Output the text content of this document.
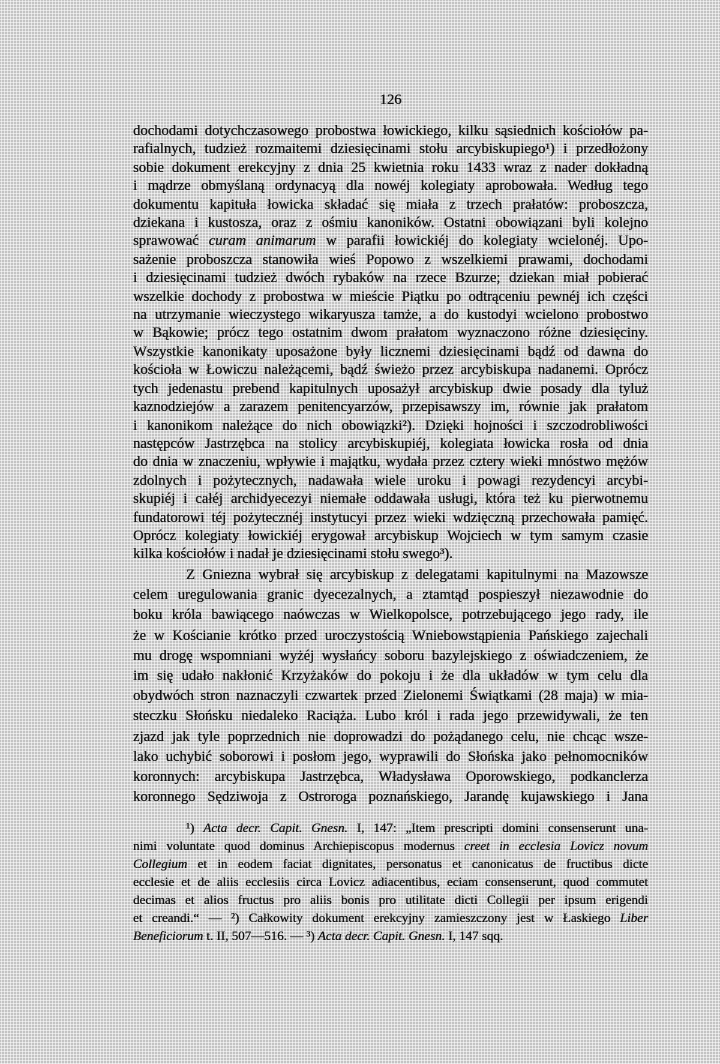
126
dochodami dotychczasowego probostwa łowickiego, kilku sąsiednich kościołów pa-
rafialnych, tudzież rozmaitemi dziesięcinami stołu arcybiskupiego¹) i przedłożony
sobie dokument erekcyjny z dnia 25 kwietnia roku 1433 wraz z nader dokładną
i mądrze obmyślaną ordynacyą dla nowéj kolegiaty aprobowała. Według tego
dokumentu kapituła łowicka składać się miała z trzech prałatów: proboszcza,
dziekana i kustosza, oraz z ośmiu kanoników. Ostatni obowiązani byli kolejno
sprawować curam animarum w parafii łowickiéj do kolegiaty wcielonéj. Upo-
sażenie proboszcza stanowiła wieś Popowo z wszelkiemi prawami, dochodami
i dziesięcinami tudzież dwóch rybaków na rzece Bzurze; dziekan miał pobierać
wszelkie dochody z probostwa w mieście Piątku po odtrąceniu pewnéj ich części
na utrzymanie wieczystego wikaryusza tamże, a do kustodyi wcielono probostwo
w Bąkowie; prócz tego ostatnim dwom prałatom wyznaczono różne dziesięciny.
Wszystkie kanonikaty uposażone były licznemi dziesięcinami bądź od dawna do
kościoła w Łowiczu należącemi, bądź świeżo przez arcybiskupa nadanemi. Oprócz
tych jedenastu prebend kapitulnych uposażył arcybiskup dwie posady dla tyluż
kaznodziejów a zarazem penitencyarzów, przepisawszy im, równie jak prałatom
i kanonikom należące do nich obowiązki²). Dzięki hojności i szczodrobliwości
następców Jastrzębca na stolicy arcybiskupiéj, kolegiata łowicka rosła od dnia
do dnia w znaczeniu, wpływie i majątku, wydała przez cztery wieki mnóstwo mężów
zdolnych i pożytecznych, nadawała wiele uroku i powagi rezydencyi arcybi-
skupiéj i całéj archidyecezyi niemałe oddawała usługi, która też ku pierwotnemu
fundatorowi téj pożytecznéj instytucyi przez wieki wdzięczną przechowała pamięć.
Oprócz kolegiaty łowickiéj erygował arcybiskup Wojciech w tym samym czasie
kilka kościołów i nadał je dziesięcinami stołu swego³).
Z Gniezna wybrał się arcybiskup z delegatami kapitulnymi na Mazowsze
celem uregulowania granic dyecezalnych, a ztamtąd pospieszył niezawodnie do
boku króla bawiącego naówczas w Wielkopolsce, potrzebującego jego rady, ile
że w Kościanie krótko przed uroczystością Wniebowstąpienia Pańskiego zajechali
mu drogę wspomniani wyżéj wysłańcy soboru bazylejskiego z oświadczeniem, że
im się udało nakłonić Krzyżaków do pokoju i że dla układów w tym celu dla
obydwóch stron naznaczyli czwartek przed Zielonemi Świątkami (28 maja) w mia-
steczku Słońsku niedaleko Raciąża. Lubo król i rada jego przewidywali, że ten
zjazd jak tyle poprzednich nie doprowadzi do pożądanego celu, nie chcąc wsze-
lako uchybić soborowi i posłom jego, wyprawili do Słońska jako pełnomocników
koronnych: arcybiskupa Jastrzębca, Władysława Oporowskiego, podkanclerza
koronnego Sędziwoja z Ostroroga poznańskiego, Jarandę kujawskiego i Jana
¹) Acta decr. Capit. Gnesn. I, 147: „Item prescripti domini consenserunt una-
nimi voluntate quod dominus Archiepiscopus modernus creet in ecclesia Lovicz novum
Collegium et in eodem faciat dignitates, personatus et canonicatus de fructibus dicte
ecclesie et de aliis ecclesiis circa Lovicz adiacentibus, eciam consenserunt, quod commutet
decimas et alios fructus pro aliis bonis pro utilitate dicti Collegii per ipsum erigendi
et creandi.“ — ²) Całkowity dokument erekcyjny zamieszczony jest w Łaskiego Liber
Beneficiorum t. II, 507—516. — ³) Acta decr. Capit. Gnesn. I, 147 sqq.
